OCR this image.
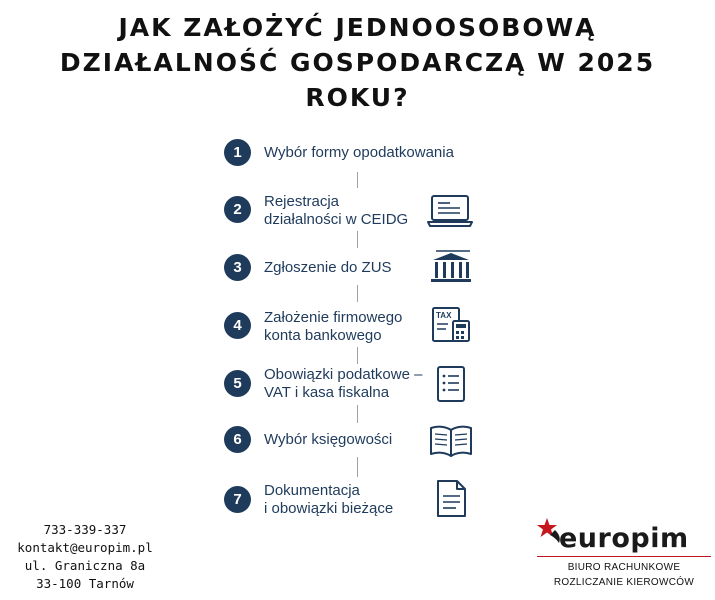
JAK ZAŁOŻYĆ JEDNOOSOBOWĄ
DZIAŁALNOŚĆ GOSPODARCZĄ W 2025
ROKU?
1	Wybór formy opodatkowania
2	Rejestracja
działalności w CEIDG
3	Zgłoszenie do ZUS
4	Założenie firmowego
konta bankowego
TAX
5
Obowiązki podatkowe –
VAT i kasa fiskalna
6	Wybór księgowości
7
Dokumentacja
i obowiązki bieżące
733-339-337
kontakt@europim.pl
ul. Graniczna 8a
33-100 Tarnów
europim
BIURO RACHUNKOWE
ROZLICZANIE KIEROWCÓW
